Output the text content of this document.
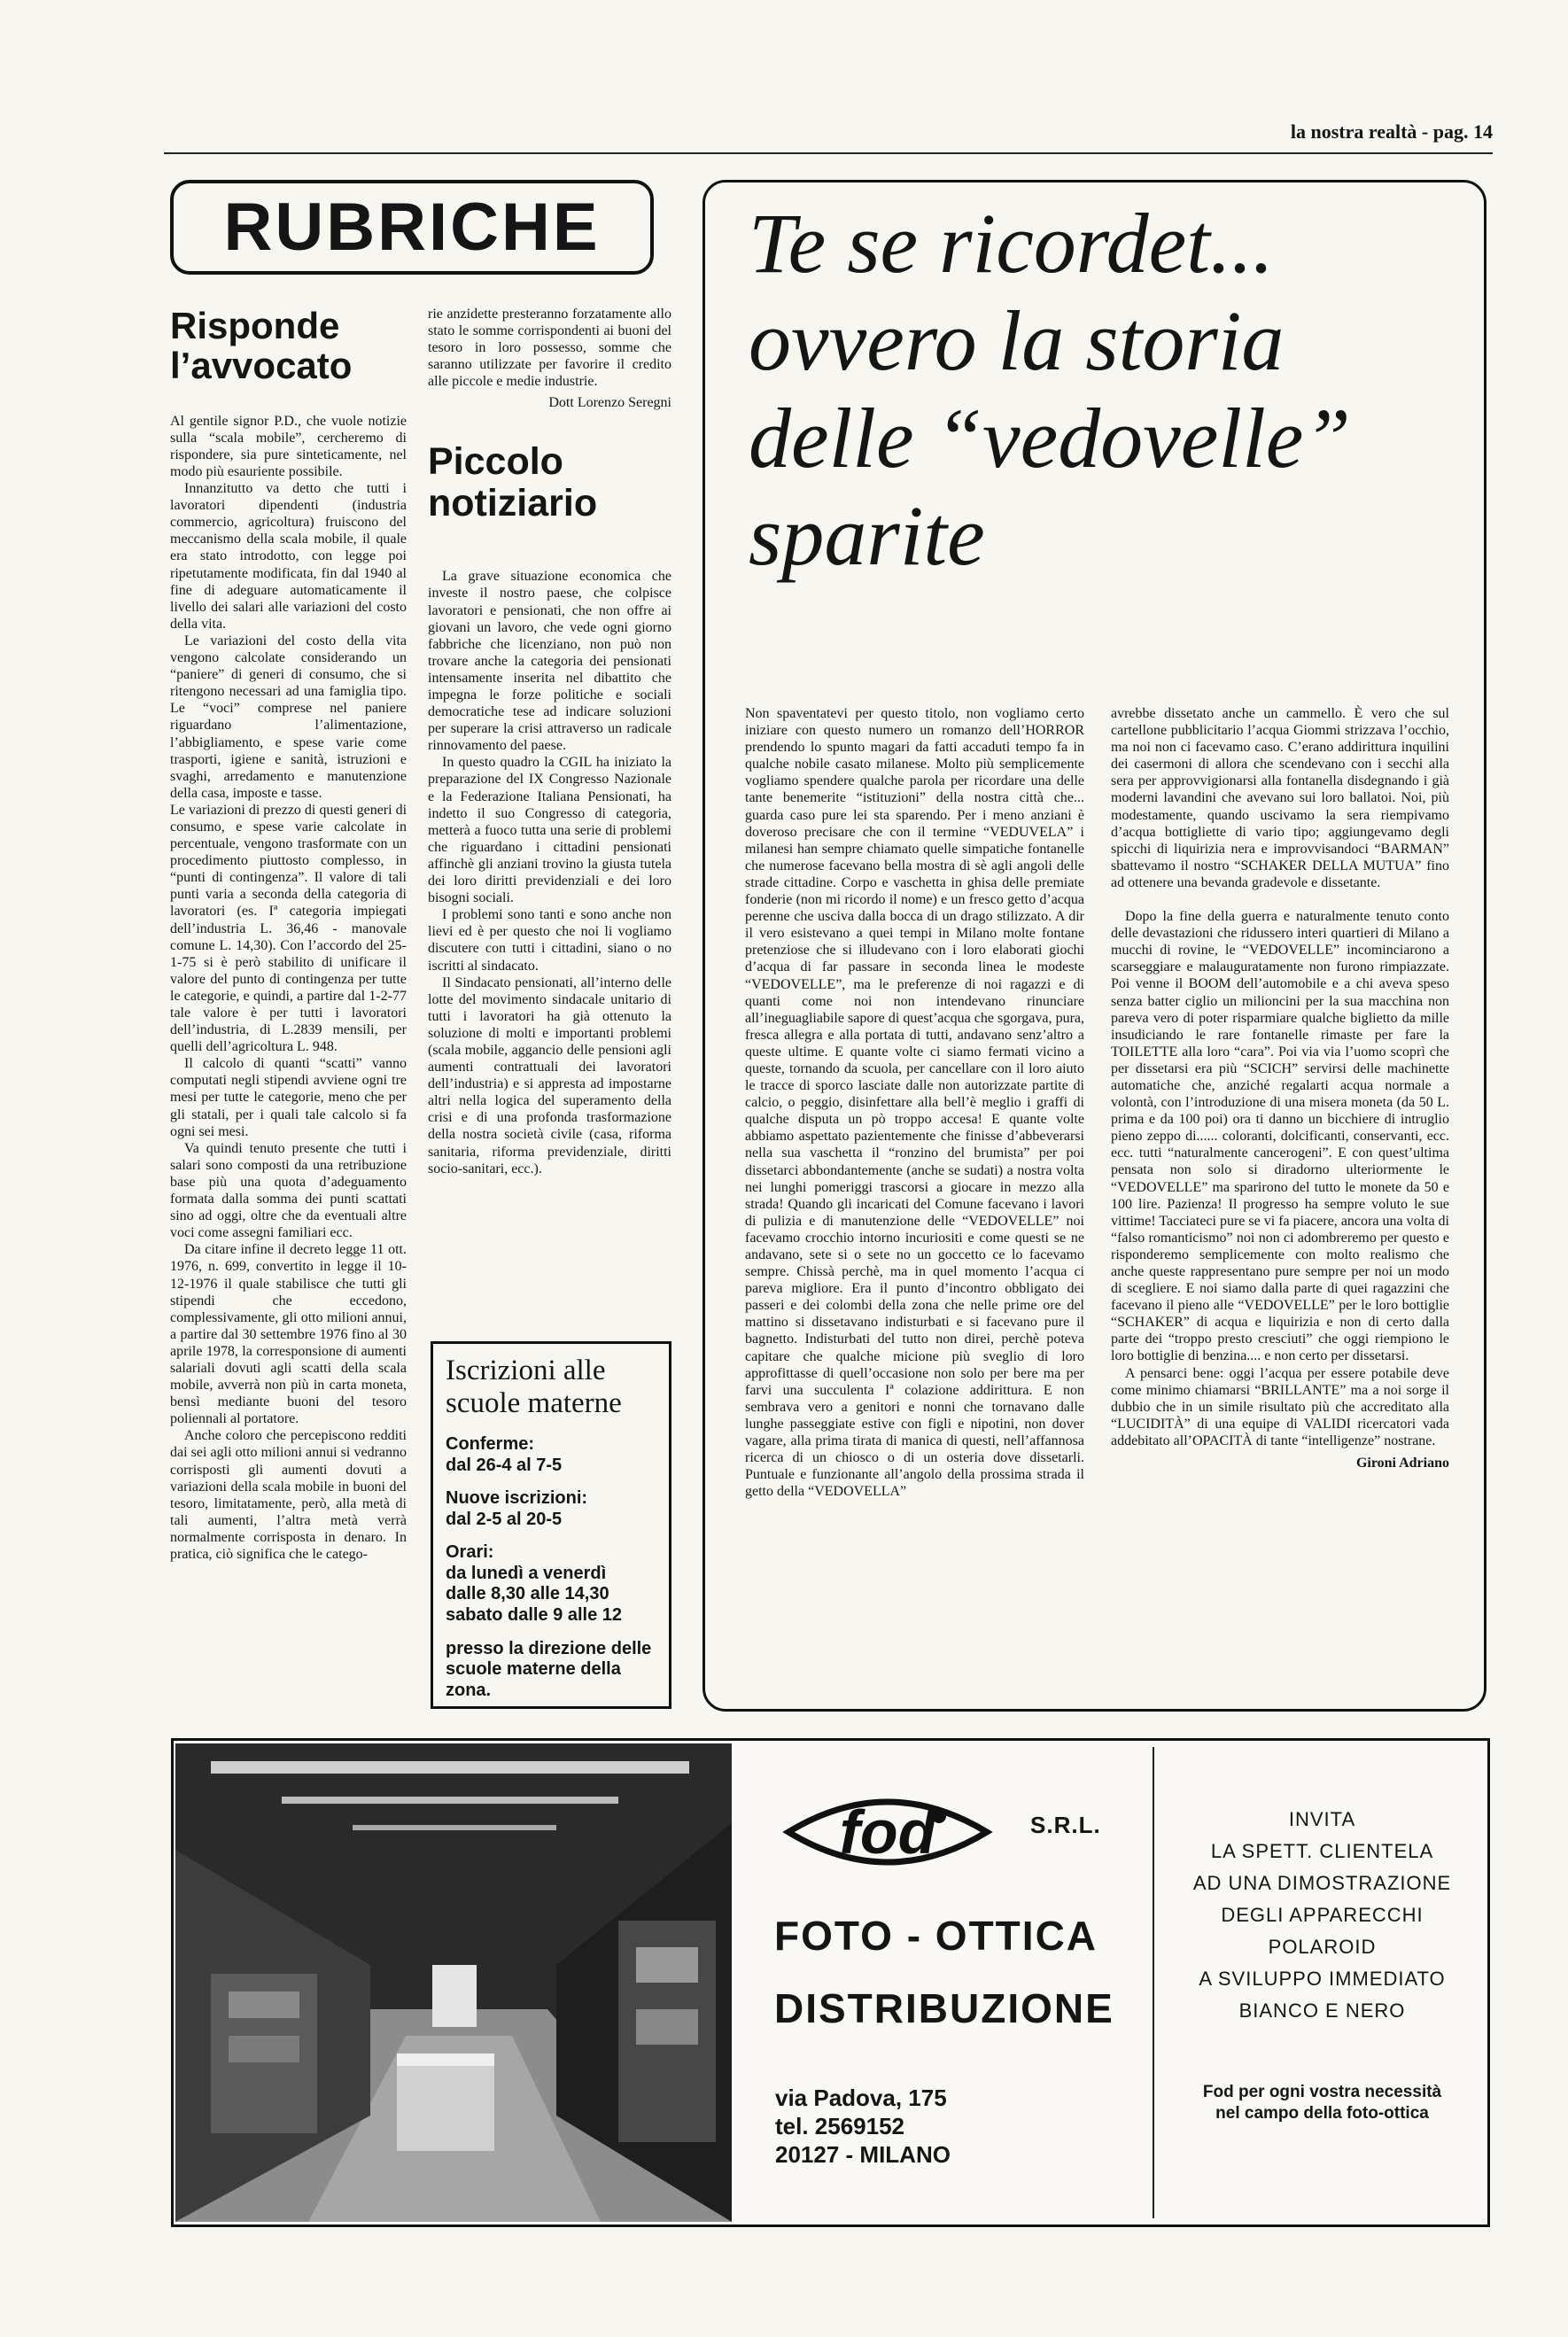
la nostra realtà - pag. 14
RUBRICHE
Risponde
l’avvocato

Al gentile signor P.D., che vuole notizie sulla “scala mobile”, cercheremo di rispondere, sia pure sinteticamente, nel modo più esauriente possibile.

Innanzitutto va detto che tutti i lavoratori dipendenti (industria commercio, agricoltura) fruiscono del meccanismo della scala mobile, il quale era stato introdotto, con legge poi ripetutamente modificata, fin dal 1940 al fine di adeguare automaticamente il livello dei salari alle variazioni del costo della vita.

Le variazioni del costo della vita vengono calcolate considerando un “paniere” di generi di consumo, che si ritengono necessari ad una famiglia tipo. Le “voci” comprese nel paniere riguardano l’alimentazione, l’abbigliamento, e spese varie come trasporti, igiene e sanità, istruzioni e svaghi, arredamento e manutenzione della casa, imposte e tasse.

Le variazioni di prezzo di questi generi di consumo, e spese varie calcolate in percentuale, vengono trasformate con un procedimento piuttosto complesso, in “punti di contingenza”. Il valore di tali punti varia a seconda della categoria di lavoratori (es. Iª categoria impiegati dell’industria L. 36,46 - manovale comune L. 14,30). Con l’accordo del 25-1-75 si è però stabilito di unificare il valore del punto di contingenza per tutte le categorie, e quindi, a partire dal 1-2-77 tale valore è per tutti i lavoratori dell’industria, di L.2839 mensili, per quelli dell’agricoltura L. 948.

Il calcolo di quanti “scatti” vanno computati negli stipendi avviene ogni tre mesi per tutte le categorie, meno che per gli statali, per i quali tale calcolo si fa ogni sei mesi.

Va quindi tenuto presente che tutti i salari sono composti da una retribuzione base più una quota d’adeguamento formata dalla somma dei punti scattati sino ad oggi, oltre che da eventuali altre voci come assegni familiari ecc.

Da citare infine il decreto legge 11 ott. 1976, n. 699, convertito in legge il 10-12-1976 il quale stabilisce che tutti gli stipendi che eccedono, complessivamente, gli otto milioni annui, a partire dal 30 settembre 1976 fino al 30 aprile 1978, la corresponsione di aumenti salariali dovuti agli scatti della scala mobile, avverrà non più in carta moneta, bensì mediante buoni del tesoro poliennali al portatore.

Anche coloro che percepiscono redditi dai sei agli otto milioni annui si vedranno corrisposti gli aumenti dovuti a variazioni della scala mobile in buoni del tesoro, limitatamente, però, alla metà di tali aumenti, l’altra metà verrà normalmente corrisposta in denaro. In pratica, ciò significa che le catego-

rie anzidette presteranno forzatamente allo stato le somme corrispondenti ai buoni del tesoro in loro possesso, somme che saranno utilizzate per favorire il credito alle piccole e medie industrie.

Dott Lorenzo Seregni
Piccolo
notiziario

La grave situazione economica che investe il nostro paese, che colpisce lavoratori e pensionati, che non offre ai giovani un lavoro, che vede ogni giorno fabbriche che licenziano, non può non trovare anche la categoria dei pensionati intensamente inserita nel dibattito che impegna le forze politiche e sociali democratiche tese ad indicare soluzioni per superare la crisi attraverso un radicale rinnovamento del paese.

In questo quadro la CGIL ha iniziato la preparazione del IX Congresso Nazionale e la Federazione Italiana Pensionati, ha indetto il suo Congresso di categoria, metterà a fuoco tutta una serie di problemi che riguardano i cittadini pensionati affinchè gli anziani trovino la giusta tutela dei loro diritti previdenziali e dei loro bisogni sociali.

I problemi sono tanti e sono anche non lievi ed è per questo che noi li vogliamo discutere con tutti i cittadini, siano o no iscritti al sindacato.

Il Sindacato pensionati, all’interno delle lotte del movimento sindacale unitario di tutti i lavoratori ha già ottenuto la soluzione di molti e importanti problemi (scala mobile, aggancio delle pensioni agli aumenti contrattuali dei lavoratori dell’industria) e si appresta ad impostarne altri nella logica del superamento della crisi e di una profonda trasformazione della nostra società civile (casa, riforma sanitaria, riforma previdenziale, diritti socio-sanitari, ecc.).

Iscrizioni alle scuole materne
Conferme:
dal 26-4 al 7-5
Nuove iscrizioni:
dal 2-5 al 20-5
Orari:
da lunedì a venerdì
dalle 8,30 alle 14,30
sabato dalle 9 alle 12
presso la direzione delle scuole materne della zona.
Te se ricordet...
ovvero la storia
delle “vedovelle”
sparite

Non spaventatevi per questo titolo, non vogliamo certo iniziare con questo numero un romanzo dell’HORROR prendendo lo spunto magari da fatti accaduti tempo fa in qualche nobile casato milanese. Molto più semplicemente vogliamo spendere qualche parola per ricordare una delle tante benemerite “istituzioni” della nostra città che... guarda caso pure lei sta sparendo. Per i meno anziani è doveroso precisare che con il termine “VEDUVELA” i milanesi han sempre chiamato quelle simpatiche fontanelle che numerose facevano bella mostra di sè agli angoli delle strade cittadine. Corpo e vaschetta in ghisa delle premiate fonderie (non mi ricordo il nome) e un fresco getto d’acqua perenne che usciva dalla bocca di un drago stilizzato. A dir il vero esistevano a quei tempi in Milano molte fontane pretenziose che si illudevano con i loro elaborati giochi d’acqua di far passare in seconda linea le modeste “VEDOVELLE”, ma le preferenze di noi ragazzi e di quanti come noi non intendevano rinunciare all’ineguagliabile sapore di quest’acqua che sgorgava, pura, fresca allegra e alla portata di tutti, andavano senz’altro a queste ultime. E quante volte ci siamo fermati vicino a queste, tornando da scuola, per cancellare con il loro aiuto le tracce di sporco lasciate dalle non autorizzate partite di calcio, o peggio, disinfettare alla bell’è meglio i graffi di qualche disputa un pò troppo accesa! E quante volte abbiamo aspettato pazientemente che finisse d’abbeverarsi nella sua vaschetta il “ronzino del brumista” per poi dissetarci abbondantemente (anche se sudati) a nostra volta nei lunghi pomeriggi trascorsi a giocare in mezzo alla strada! Quando gli incaricati del Comune facevano i lavori di pulizia e di manutenzione delle “VEDOVELLE” noi facevamo crocchio intorno incuriositi e come questi se ne andavano, sete si o sete no un goccetto ce lo facevamo sempre. Chissà perchè, ma in quel momento l’acqua ci pareva migliore. Era il punto d’incontro obbligato dei passeri e dei colombi della zona che nelle prime ore del mattino si dissetavano indisturbati e si facevano pure il bagnetto. Indisturbati del tutto non direi, perchè poteva capitare che qualche micione più sveglio di loro approfittasse di quell’occasione non solo per bere ma per farvi una succulenta Iª colazione addirittura. E non sembrava vero a genitori e nonni che tornavano dalle lunghe passeggiate estive con figli e nipotini, non dover vagare, alla prima tirata di manica di questi, nell’affannosa ricerca di un chiosco o di un osteria dove dissetarli. Puntuale e funzionante all’angolo della prossima strada il getto della “VEDOVELLA”

avrebbe dissetato anche un cammello. È vero che sul cartellone pubblicitario l’acqua Giommi strizzava l’occhio, ma noi non ci facevamo caso. C’erano addirittura inquilini dei casermoni di allora che scendevano con i secchi alla sera per approvvigionarsi alla fontanella disdegnando i già moderni lavandini che avevano sui loro ballatoi. Noi, più modestamente, quando uscivamo la sera riempivamo d’acqua bottigliette di vario tipo; aggiungevamo degli spicchi di liquirizia nera e improvvisandoci “BARMAN” sbattevamo il nostro “SCHAKER DELLA MUTUA” fino ad ottenere una bevanda gradevole e dissetante.

Dopo la fine della guerra e naturalmente tenuto conto delle devastazioni che ridussero interi quartieri di Milano a mucchi di rovine, le “VEDOVELLE” incominciarono a scarseggiare e malauguratamente non furono rimpiazzate. Poi venne il BOOM dell’automobile e a chi aveva speso senza batter ciglio un milioncini per la sua macchina non pareva vero di poter risparmiare qualche biglietto da mille insudiciando le rare fontanelle rimaste per fare la TOILETTE alla loro “cara”. Poi via via l’uomo scoprì che per dissetarsi era più “SCICH” servirsi delle machinette automatiche che, anziché regalarti acqua normale a volontà, con l’introduzione di una misera moneta (da 50 L. prima e da 100 poi) ora ti danno un bicchiere di intruglio pieno zeppo di...... coloranti, dolcificanti, conservanti, ecc. ecc. tutti “naturalmente cancerogeni”. E con quest’ultima pensata non solo si diradorno ulteriormente le “VEDOVELLE” ma sparirono del tutto le monete da 50 e 100 lire. Pazienza! Il progresso ha sempre voluto le sue vittime! Tacciateci pure se vi fa piacere, ancora una volta di “falso romanticismo” noi non ci adombreremo per questo e risponderemo semplicemente con molto realismo che anche queste rappresentano pure sempre per noi un modo di scegliere. E noi siamo dalla parte di quei ragazzini che facevano il pieno alle “VEDOVELLE” per le loro bottiglie “SCHAKER” di acqua e liquirizia e non di certo dalla parte dei “troppo presto cresciuti” che oggi riempiono le loro bottiglie di benzina.... e non certo per dissetarsi.

A pensarci bene: oggi l’acqua per essere potabile deve come minimo chiamarsi “BRILLANTE” ma a noi sorge il dubbio che in un simile risultato più che accreditato alla “LUCIDITÀ” di una equipe di VALIDI ricercatori vada addebitato all’OPACITÀ di tante “intelligenze” nostrane.

Gironi Adriano
fod	S.R.L.
FOTO - OTTICA
DISTRIBUZIONE
via Padova, 175
tel. 2569152
20127 - MILANO
INVITA
LA SPETT. CLIENTELA
AD UNA DIMOSTRAZIONE
DEGLI APPARECCHI
POLAROID
A SVILUPPO IMMEDIATO
BIANCO E NERO
Fod per ogni vostra necessità
nel campo della foto-ottica
